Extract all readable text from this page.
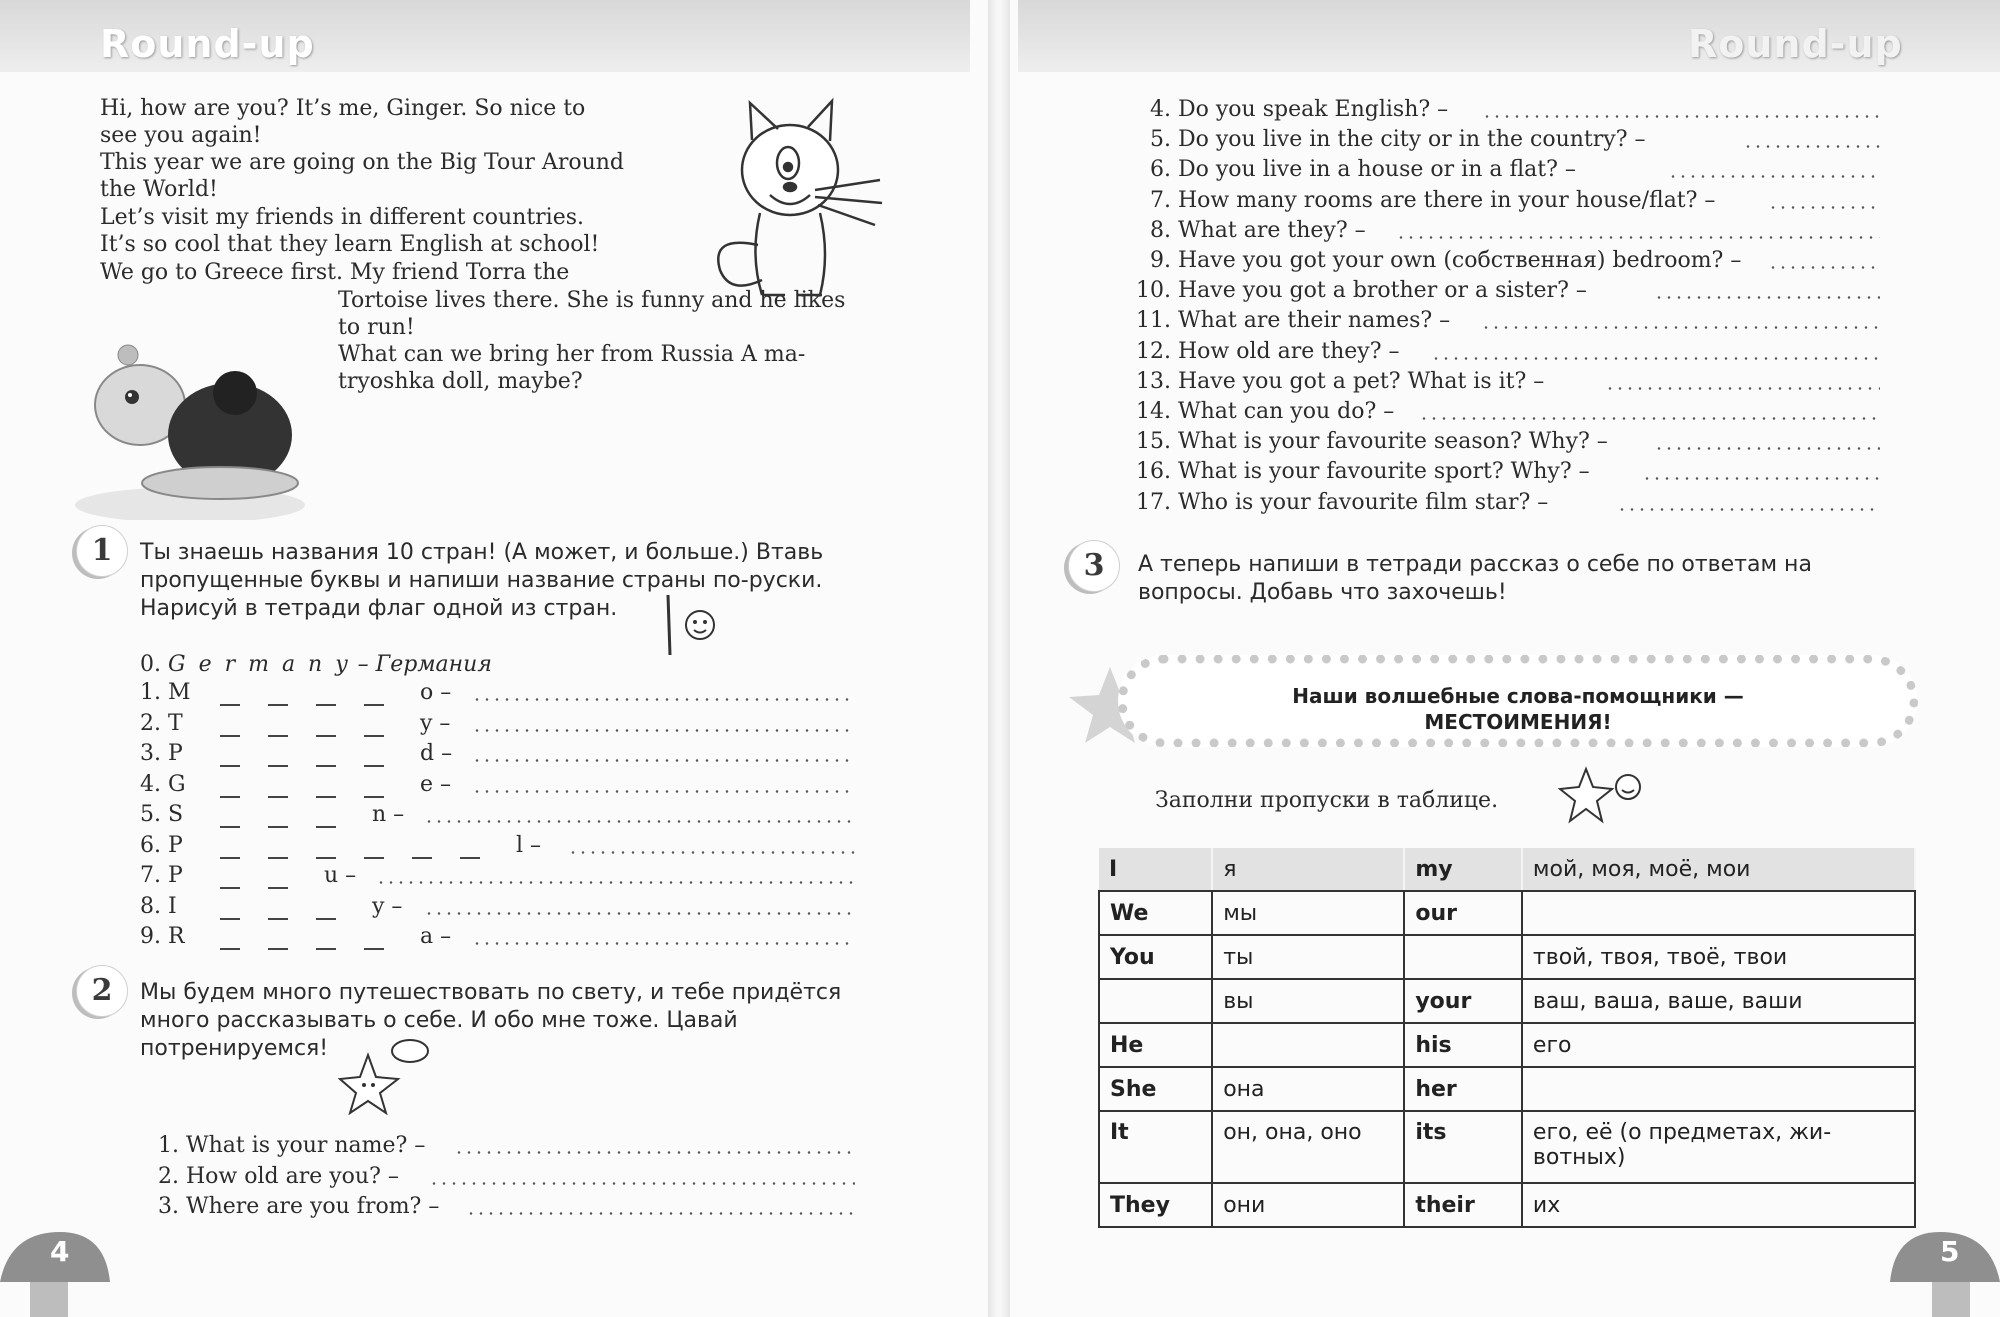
Round-up
Hi, how are you? It’s me, Ginger. So nice to
see you again!
This year we are going on the Big Tour Around
the World!
Let’s visit my friends in different countries.
It’s so cool that they learn English at school!
We go to Greece first. My friend Torra the
Tortoise lives there. She is funny and he likes
to run!
What can we bring her from Russia A ma-
tryoshka doll, maybe?
1	Ты знаешь названия 10 стран! (А может, и больше.) Втавь
пропущенные буквы и напиши название страны по-руски.
Нарисуй в тетради флаг одной из стран.
0. G e r m a n y – Германия
1. M	o –
2. T	y –
3. P	d –
4. G	e –
5. S	n –
6. P	l –
7. P	u –
8. I	y –
9. R	a –
2	Мы будем много путешествовать по свету, и тебе придётся
много рассказывать о себе. И обо мне тоже. Цавай
потренируемся!
1. What is your name? –
2. How old are you? –
3. Where are you from? –
4
Round-up
4. Do you speak English? –
5. Do you live in the city or in the country? –
6. Do you live in a house or in a flat? –
7. How many rooms are there in your house/flat? –
8. What are they? –
9. Have you got your own (собственная) bedroom? –
10. Have you got a brother or a sister? –
11. What are their names? –
12. How old are they? –
13. Have you got a pet? What is it? –
14. What can you do? –
15. What is your favourite season? Why? –
16. What is your favourite sport? Why? –
17. Who is your favourite film star? –
3	А теперь напиши в тетради рассказ о себе по ответам на
вопросы. Добавь что захочешь!
Наши волшебные слова-помощники —
МЕСТОИМЕНИЯ!
Заполни пропуски в таблице.
I	я	my	мой, моя, моё, мои
We	мы	our	
You	ты		твой, твоя, твоё, твои
	вы	your	ваш, ваша, ваше, ваши
He		his	его
She	она	her	
It	он, она, оно	its	его, её (о предметах, жи-
вотных)
They	они	their	их
5
